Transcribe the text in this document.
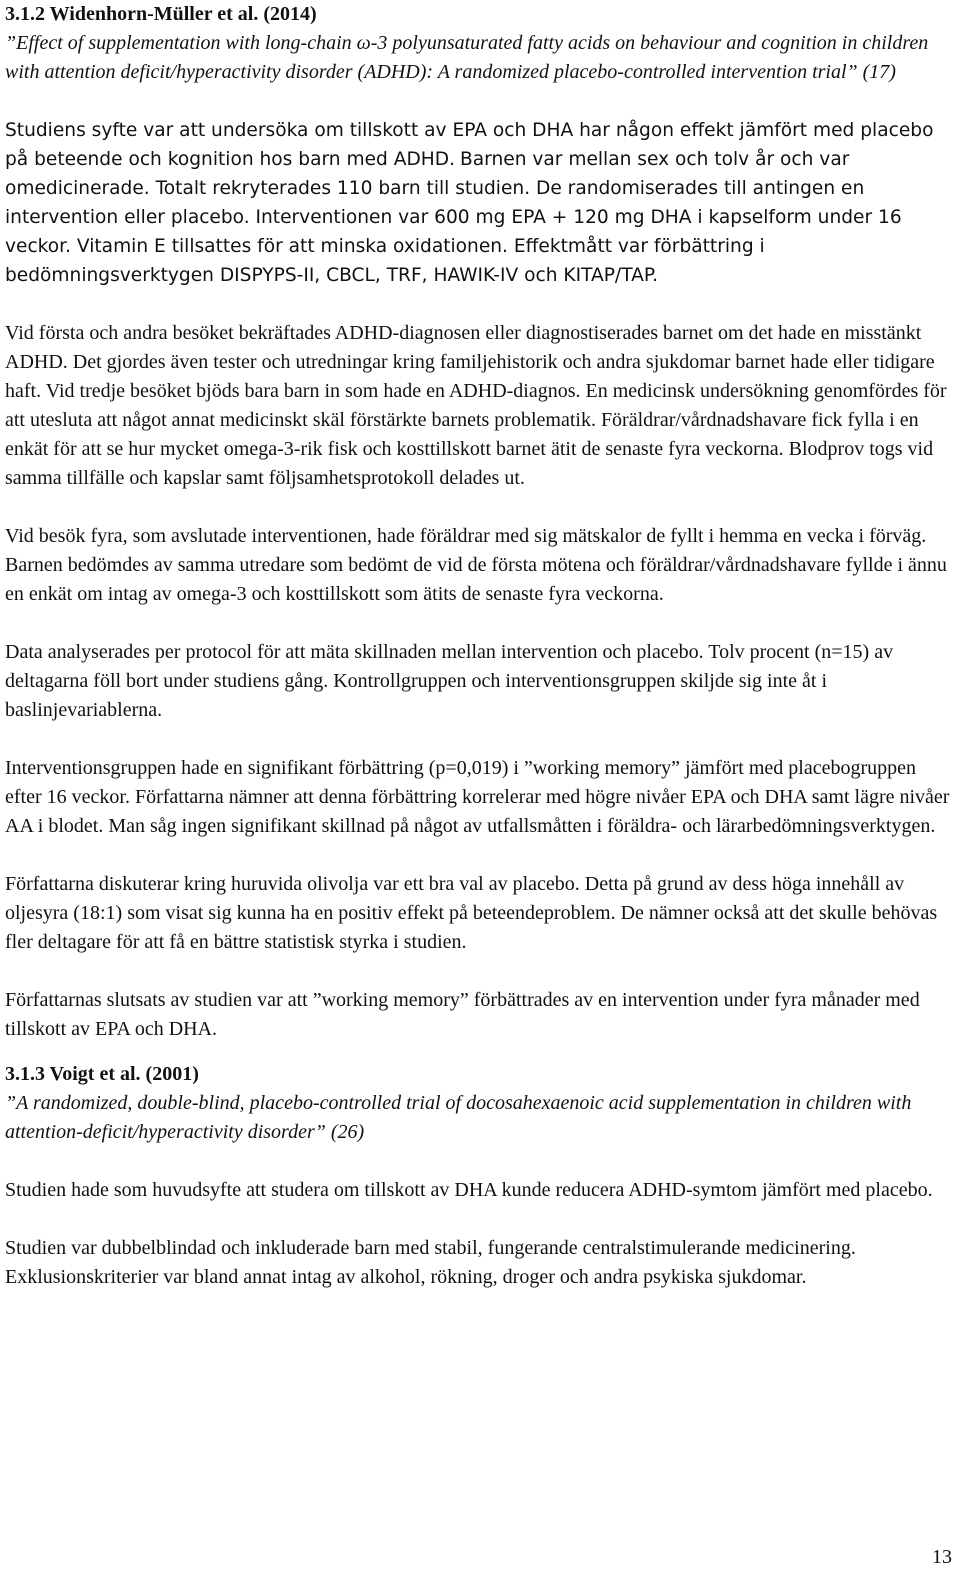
3.1.2 Widenhorn-Müller et al. (2014)

”Effect of supplementation with long-chain ω-3 polyunsaturated fatty acids on behaviour and cognition in children with attention deficit/hyperactivity disorder (ADHD): A randomized placebo-controlled intervention trial” (17)

Studiens syfte var att undersöka om tillskott av EPA och DHA har någon effekt jämfört med placebo på beteende och kognition hos barn med ADHD. Barnen var mellan sex och tolv år och var omedicinerade. Totalt rekryterades 110 barn till studien. De randomiserades till antingen en intervention eller placebo. Interventionen var 600 mg EPA + 120 mg DHA i kapselform under 16 veckor. Vitamin E tillsattes för att minska oxidationen. Effektmått var förbättring i bedömningsverktygen DISPYPS-II, CBCL, TRF, HAWIK-IV och KITAP/TAP.

Vid första och andra besöket bekräftades ADHD-diagnosen eller diagnostiserades barnet om det hade en misstänkt ADHD. Det gjordes även tester och utredningar kring familjehistorik och andra sjukdomar barnet hade eller tidigare haft. Vid tredje besöket bjöds bara barn in som hade en ADHD-diagnos. En medicinsk undersökning genomfördes för att utesluta att något annat medicinskt skäl förstärkte barnets problematik. Föräldrar/vårdnadshavare fick fylla i en enkät för att se hur mycket omega-3-rik fisk och kosttillskott barnet ätit de senaste fyra veckorna. Blodprov togs vid samma tillfälle och kapslar samt följsamhetsprotokoll delades ut.

Vid besök fyra, som avslutade interventionen, hade föräldrar med sig mätskalor de fyllt i hemma en vecka i förväg. Barnen bedömdes av samma utredare som bedömt de vid de första mötena och föräldrar/vårdnadshavare fyllde i ännu en enkät om intag av omega-3 och kosttillskott som ätits de senaste fyra veckorna.

Data analyserades per protocol för att mäta skillnaden mellan intervention och placebo. Tolv procent (n=15) av deltagarna föll bort under studiens gång. Kontrollgruppen och interventionsgruppen skiljde sig inte åt i baslinjevariablerna.

Interventionsgruppen hade en signifikant förbättring (p=0,019) i ”working memory” jämfört med placebogruppen efter 16 veckor. Författarna nämner att denna förbättring korrelerar med högre nivåer EPA och DHA samt lägre nivåer AA i blodet. Man såg ingen signifikant skillnad på något av utfallsmåtten i föräldra- och lärarbedömningsverktygen.

Författarna diskuterar kring huruvida olivolja var ett bra val av placebo. Detta på grund av dess höga innehåll av oljesyra (18:1) som visat sig kunna ha en positiv effekt på beteendeproblem. De nämner också att det skulle behövas fler deltagare för att få en bättre statistisk styrka i studien.

Författarnas slutsats av studien var att ”working memory” förbättrades av en intervention under fyra månader med tillskott av EPA och DHA.

3.1.3 Voigt et al. (2001)

”A randomized, double-blind, placebo-controlled trial of docosahexaenoic acid supplementation in children with attention-deficit/hyperactivity disorder” (26)

Studien hade som huvudsyfte att studera om tillskott av DHA kunde reducera ADHD-symtom jämfört med placebo.

Studien var dubbelblindad och inkluderade barn med stabil, fungerande centralstimulerande medicinering. Exklusionskriterier var bland annat intag av alkohol, rökning, droger och andra psykiska sjukdomar.

13
